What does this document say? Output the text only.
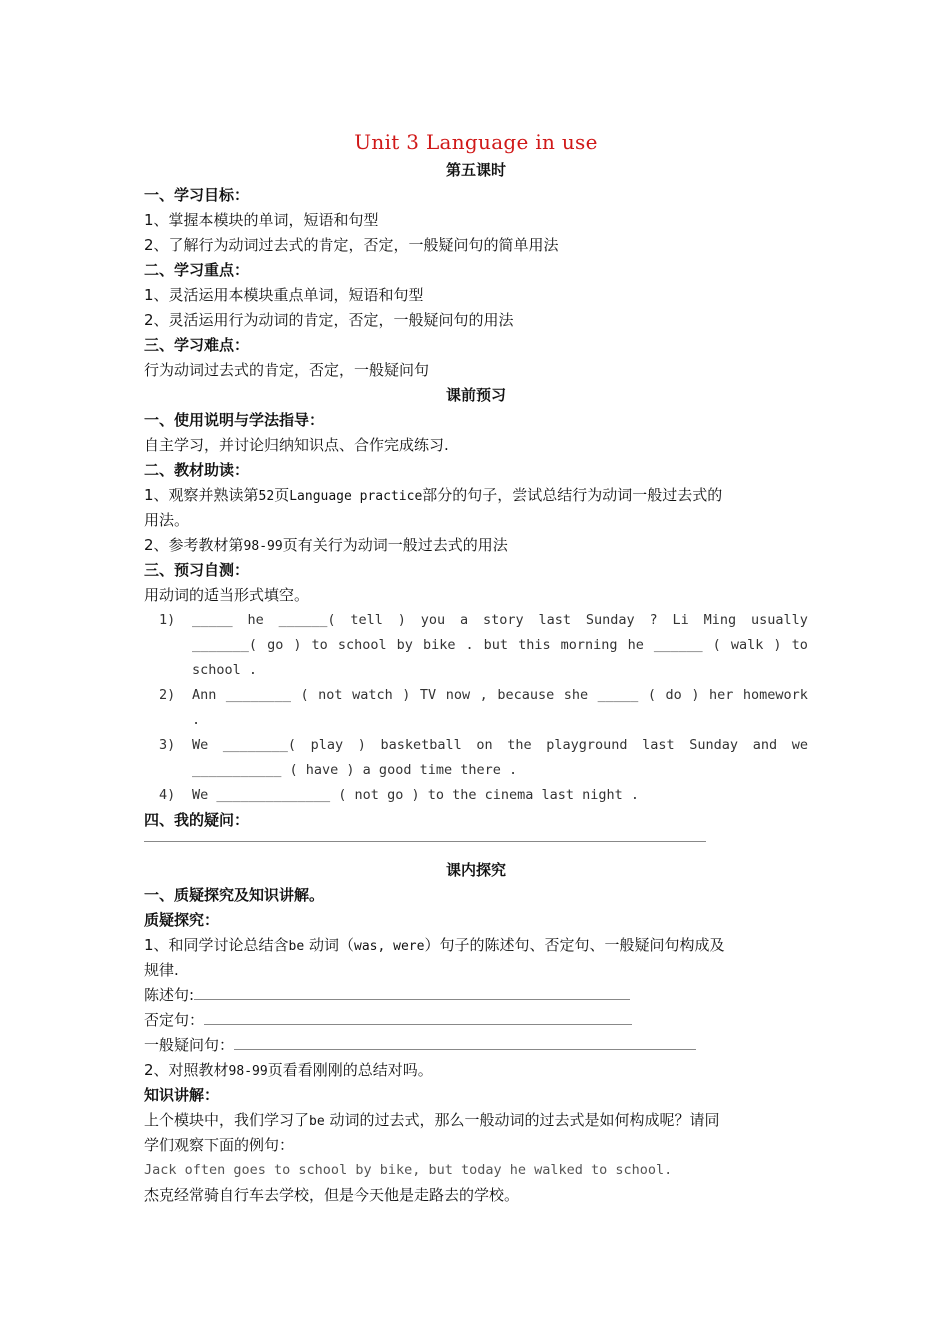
Unit 3 Language in use
第五课时
一、学习目标：
1、掌握本模块的单词，短语和句型
2、了解行为动词过去式的肯定，否定，一般疑问句的简单用法
二、学习重点：
1、灵活运用本模块重点单词，短语和句型
2、灵活运用行为动词的肯定，否定，一般疑问句的用法
三、学习难点：
行为动词过去式的肯定，否定，一般疑问句
课前预习
一、使用说明与学法指导：
自主学习，并讨论归纳知识点、合作完成练习.
二、教材助读：
1、观察并熟读第52页Language practice部分的句子，尝试总结行为动词一般过去式的
用法。
2、参考教材第98-99页有关行为动词一般过去式的用法
三、预习自测：
用动词的适当形式填空。
1) _____ he ______( tell ) you a story last Sunday ? Li Ming usually
_______( go ) to school by bike . but this morning he ______ ( walk ) to
school .
2) Ann ________ ( not watch ) TV now , because she _____ ( do ) her homework
.
3) We ________( play ) basketball on the playground last Sunday and we
___________ ( have ) a good time there .
4) We ______________ ( not go ) to the cinema last night .
四、我的疑问：
课内探究
一、质疑探究及知识讲解。
质疑探究：
1、和同学讨论总结含be 动词（was, were）句子的陈述句、否定句、一般疑问句构成及
规律.
陈述句:
否定句：
一般疑问句：
2、对照教材98-99页看看刚刚的总结对吗。
知识讲解：
上个模块中，我们学习了be 动词的过去式，那么一般动词的过去式是如何构成呢？请同
学们观察下面的例句：
Jack often goes to school by bike, but today he walked to school.
杰克经常骑自行车去学校，但是今天他是走路去的学校。
